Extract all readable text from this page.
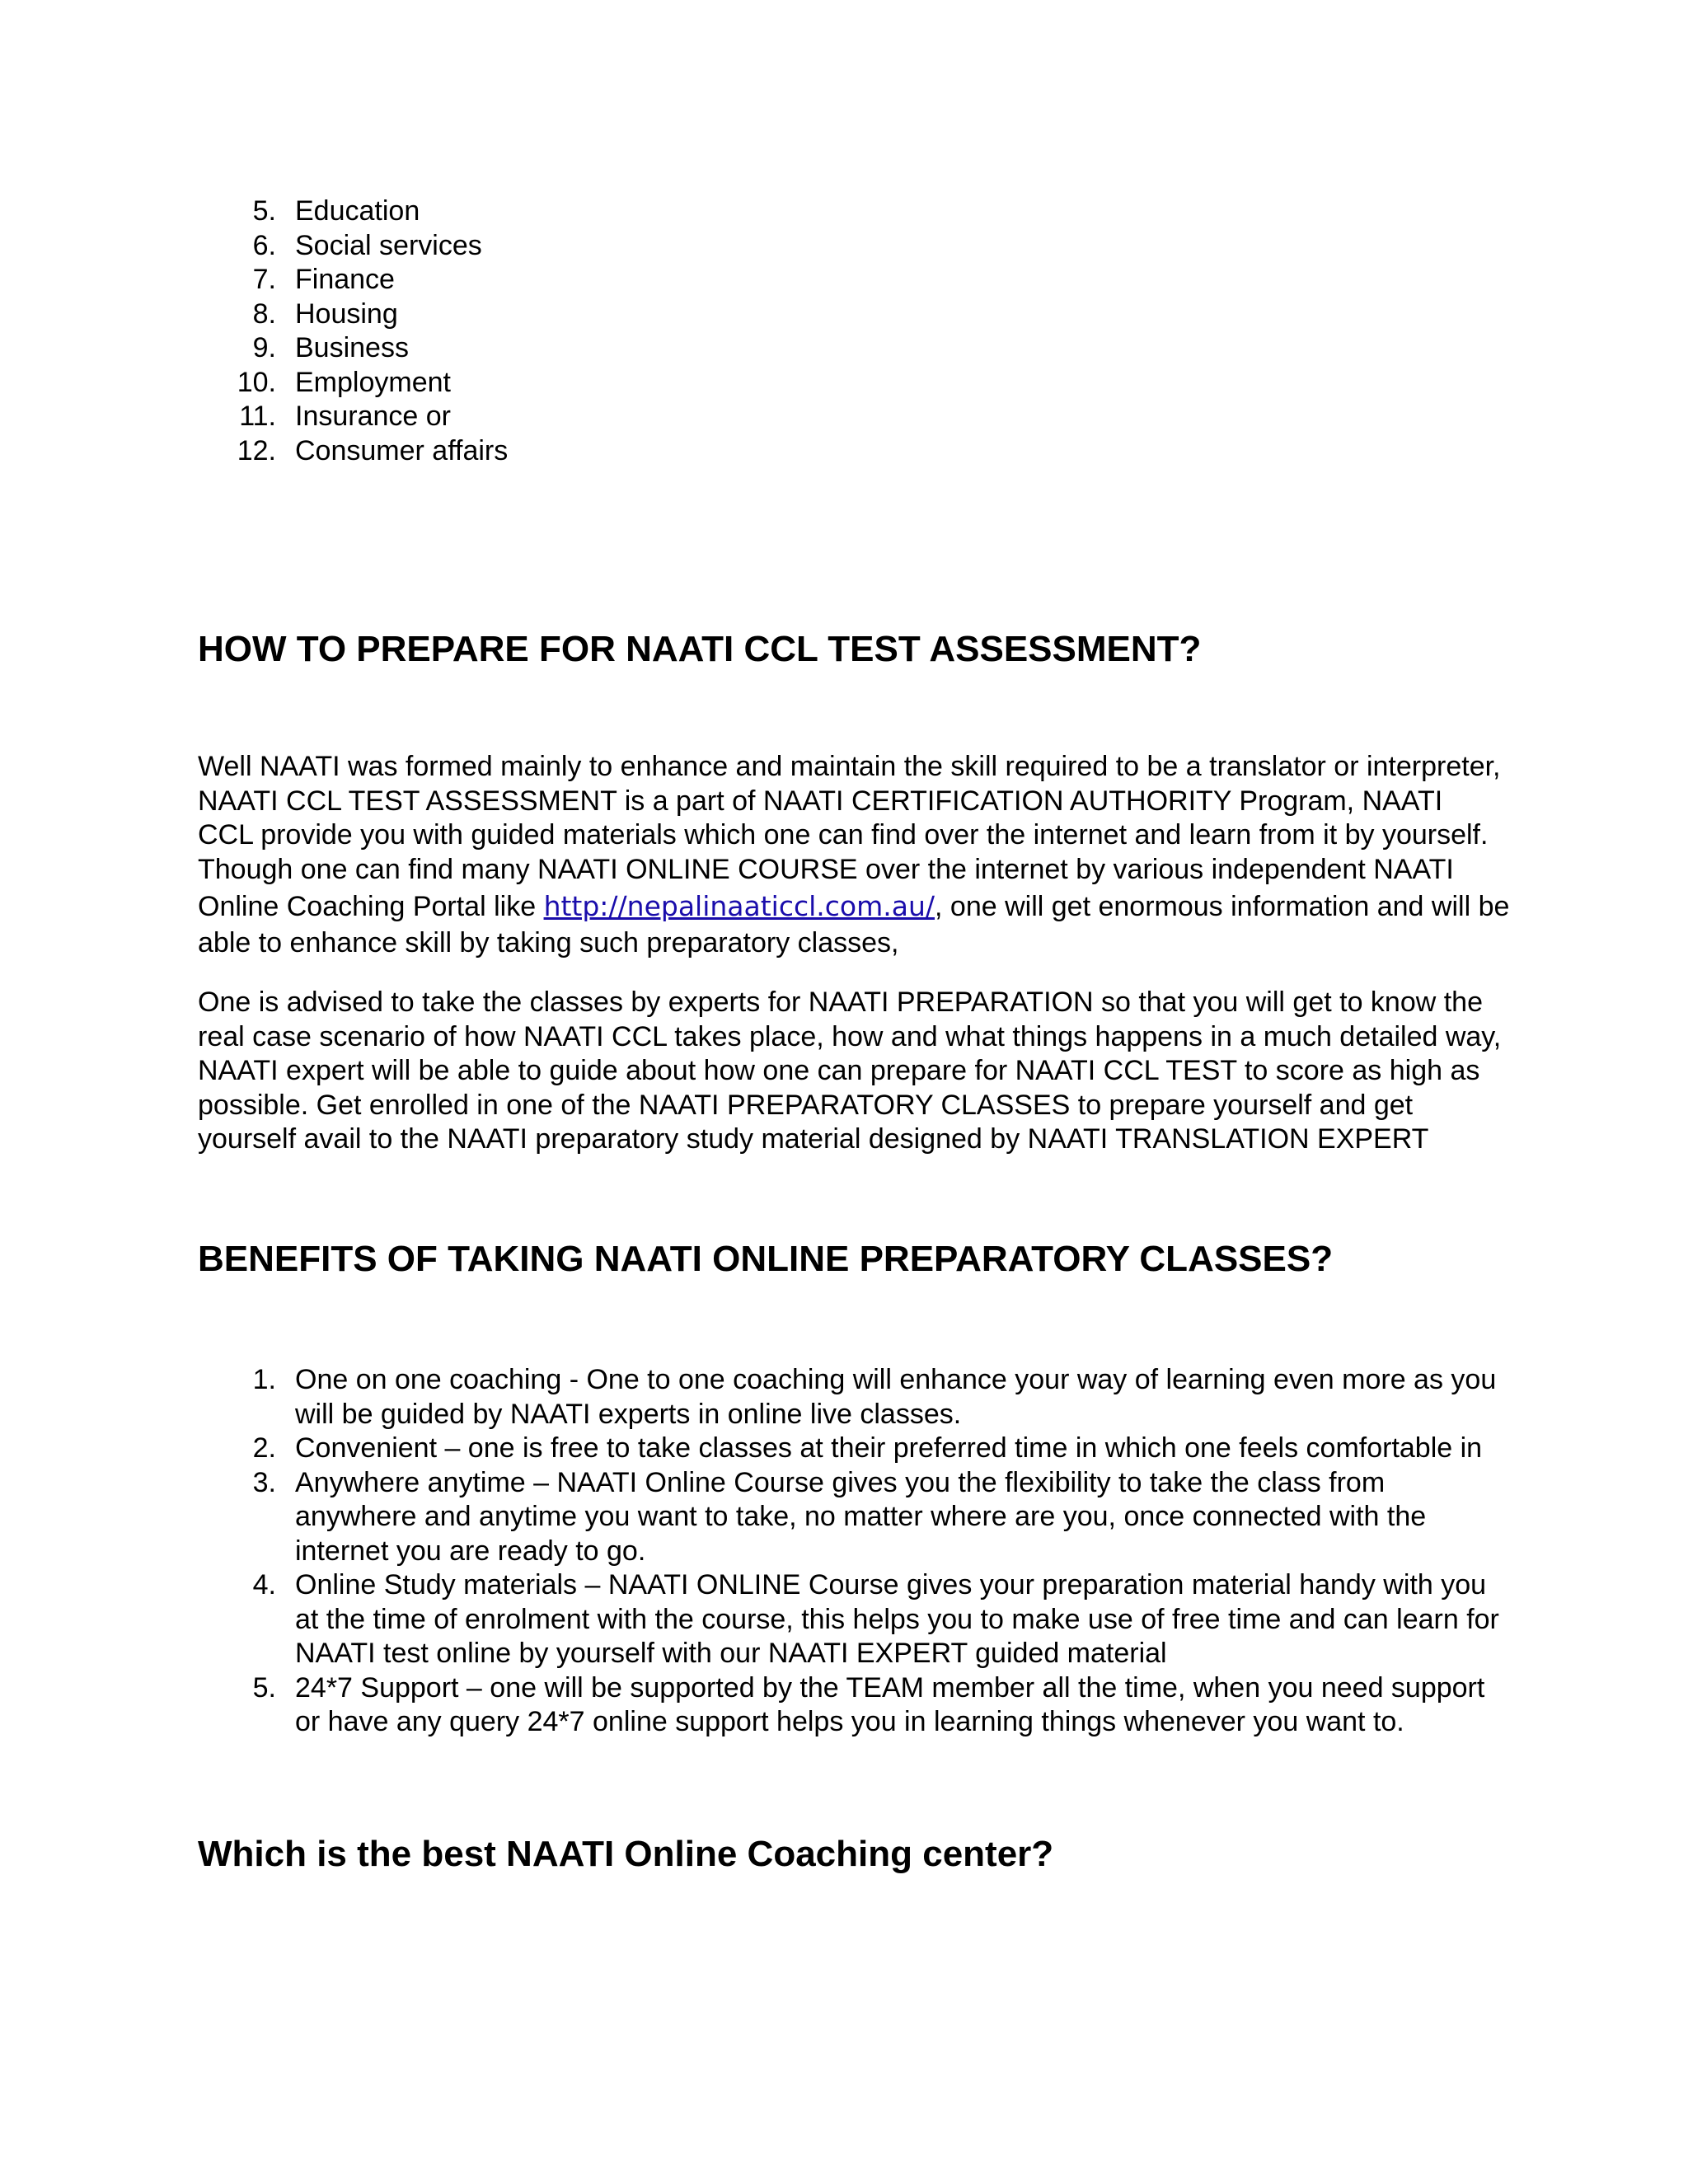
5. Education
6. Social services
7. Finance
8. Housing
9. Business
10. Employment
11. Insurance or
12. Consumer affairs
HOW TO PREPARE FOR NAATI CCL TEST ASSESSMENT?

Well NAATI was formed mainly to enhance and maintain the skill required to be a translator or interpreter,
NAATI CCL TEST ASSESSMENT is a part of NAATI CERTIFICATION AUTHORITY Program, NAATI
CCL provide you with guided materials which one can find over the internet and learn from it by yourself.
Though one can find many NAATI ONLINE COURSE over the internet by various independent NAATI
Online Coaching Portal like http://nepalinaaticcl.com.au/, one will get enormous information and will be
able to enhance skill by taking such preparatory classes,

One is advised to take the classes by experts for NAATI PREPARATION so that you will get to know the
real case scenario of how NAATI CCL takes place, how and what things happens in a much detailed way,
NAATI expert will be able to guide about how one can prepare for NAATI CCL TEST to score as high as
possible. Get enrolled in one of the NAATI PREPARATORY CLASSES to prepare yourself and get
yourself avail to the NAATI preparatory study material designed by NAATI TRANSLATION EXPERT

BENEFITS OF TAKING NAATI ONLINE PREPARATORY CLASSES?
1. One on one coaching - One to one coaching will enhance your way of learning even more as you
will be guided by NAATI experts in online live classes.
2. Convenient – one is free to take classes at their preferred time in which one feels comfortable in
3. Anywhere anytime – NAATI Online Course gives you the flexibility to take the class from
anywhere and anytime you want to take, no matter where are you, once connected with the
internet you are ready to go.
4. Online Study materials – NAATI ONLINE Course gives your preparation material handy with you
at the time of enrolment with the course, this helps you to make use of free time and can learn for
NAATI test online by yourself with our NAATI EXPERT guided material
5. 24*7 Support – one will be supported by the TEAM member all the time, when you need support
or have any query 24*7 online support helps you in learning things whenever you want to.
Which is the best NAATI Online Coaching center?
